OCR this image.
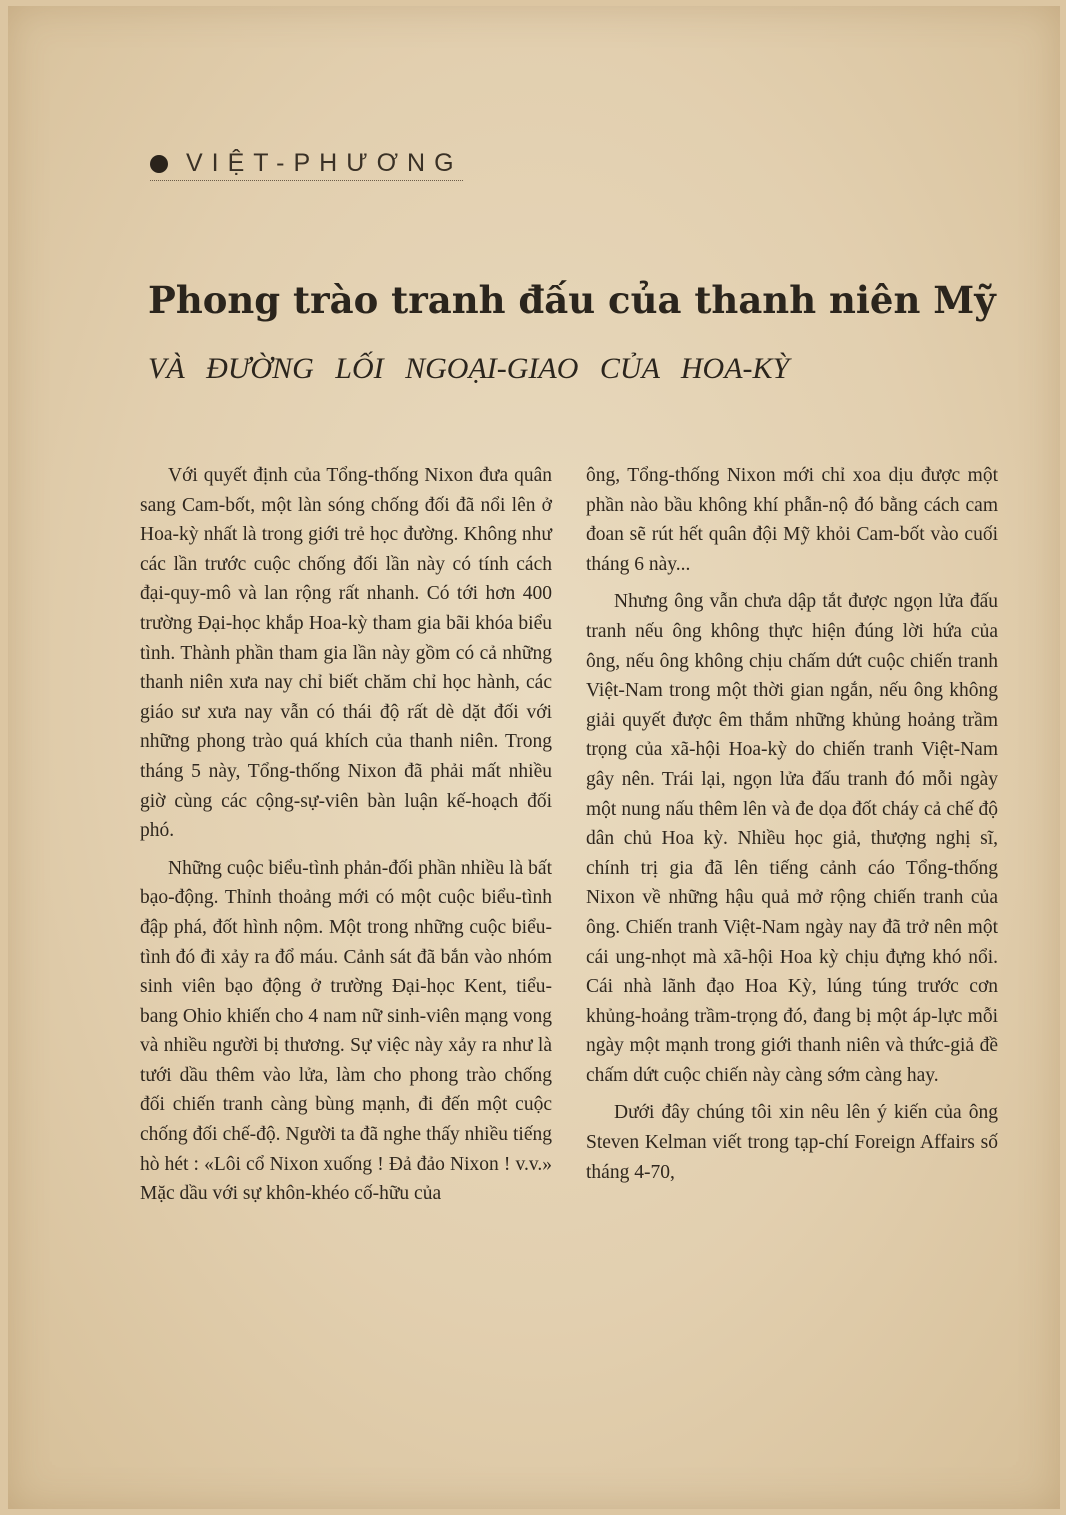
VIỆT-PHƯƠNG
Phong trào tranh đấu của thanh niên Mỹ
VÀ ĐƯỜNG LỐI NGOẠI-GIAO CỦA HOA-KỲ

Với quyết định của Tổng-thống Nixon đưa quân sang Cam-bốt, một làn sóng chống đối đã nổi lên ở Hoa-kỳ nhất là trong giới trẻ học đường. Không như các lần trước cuộc chống đối lần này có tính cách đại-quy-mô và lan rộng rất nhanh. Có tới hơn 400 trường Đại-học khắp Hoa-kỳ tham gia bãi khóa biểu tình. Thành phần tham gia lần này gồm có cả những thanh niên xưa nay chỉ biết chăm chỉ học hành, các giáo sư xưa nay vẫn có thái độ rất dè dặt đối với những phong trào quá khích của thanh niên. Trong tháng 5 này, Tổng-thống Nixon đã phải mất nhiều giờ cùng các cộng-sự-viên bàn luận kế-hoạch đối phó.

Những cuộc biểu-tình phản-đối phần nhiều là bất bạo-động. Thỉnh thoảng mới có một cuộc biểu-tình đập phá, đốt hình nộm. Một trong những cuộc biểu-tình đó đi xảy ra đổ máu. Cảnh sát đã bắn vào nhóm sinh viên bạo động ở trường Đại-học Kent, tiểu-bang Ohio khiến cho 4 nam nữ sinh-viên mạng vong và nhiều người bị thương. Sự việc này xảy ra như là tưới dầu thêm vào lửa, làm cho phong trào chống đối chiến tranh càng bùng mạnh, đi đến một cuộc chống đối chế-độ. Người ta đã nghe thấy nhiều tiếng hò hét : «Lôi cổ Nixon xuống ! Đả đảo Nixon ! v.v.» Mặc dầu với sự khôn-khéo cố-hữu của

ông, Tổng-thống Nixon mới chỉ xoa dịu được một phần nào bầu không khí phẫn-nộ đó bằng cách cam đoan sẽ rút hết quân đội Mỹ khỏi Cam-bốt vào cuối tháng 6 này...

Nhưng ông vẫn chưa dập tắt được ngọn lửa đấu tranh nếu ông không thực hiện đúng lời hứa của ông, nếu ông không chịu chấm dứt cuộc chiến tranh Việt-Nam trong một thời gian ngắn, nếu ông không giải quyết được êm thắm những khủng hoảng trầm trọng của xã-hội Hoa-kỳ do chiến tranh Việt-Nam gây nên. Trái lại, ngọn lửa đấu tranh đó mỗi ngày một nung nấu thêm lên và đe dọa đốt cháy cả chế độ dân chủ Hoa kỳ. Nhiều học giả, thượng nghị sĩ, chính trị gia đã lên tiếng cảnh cáo Tổng-thống Nixon về những hậu quả mở rộng chiến tranh của ông. Chiến tranh Việt-Nam ngày nay đã trở nên một cái ung-nhọt mà xã-hội Hoa kỳ chịu đựng khó nổi. Cái nhà lãnh đạo Hoa Kỳ, lúng túng trước cơn khủng-hoảng trầm-trọng đó, đang bị một áp-lực mỗi ngày một mạnh trong giới thanh niên và thức-giả đề chấm dứt cuộc chiến này càng sớm càng hay.

Dưới đây chúng tôi xin nêu lên ý kiến của ông Steven Kelman viết trong tạp-chí Foreign Affairs số tháng 4-70,
